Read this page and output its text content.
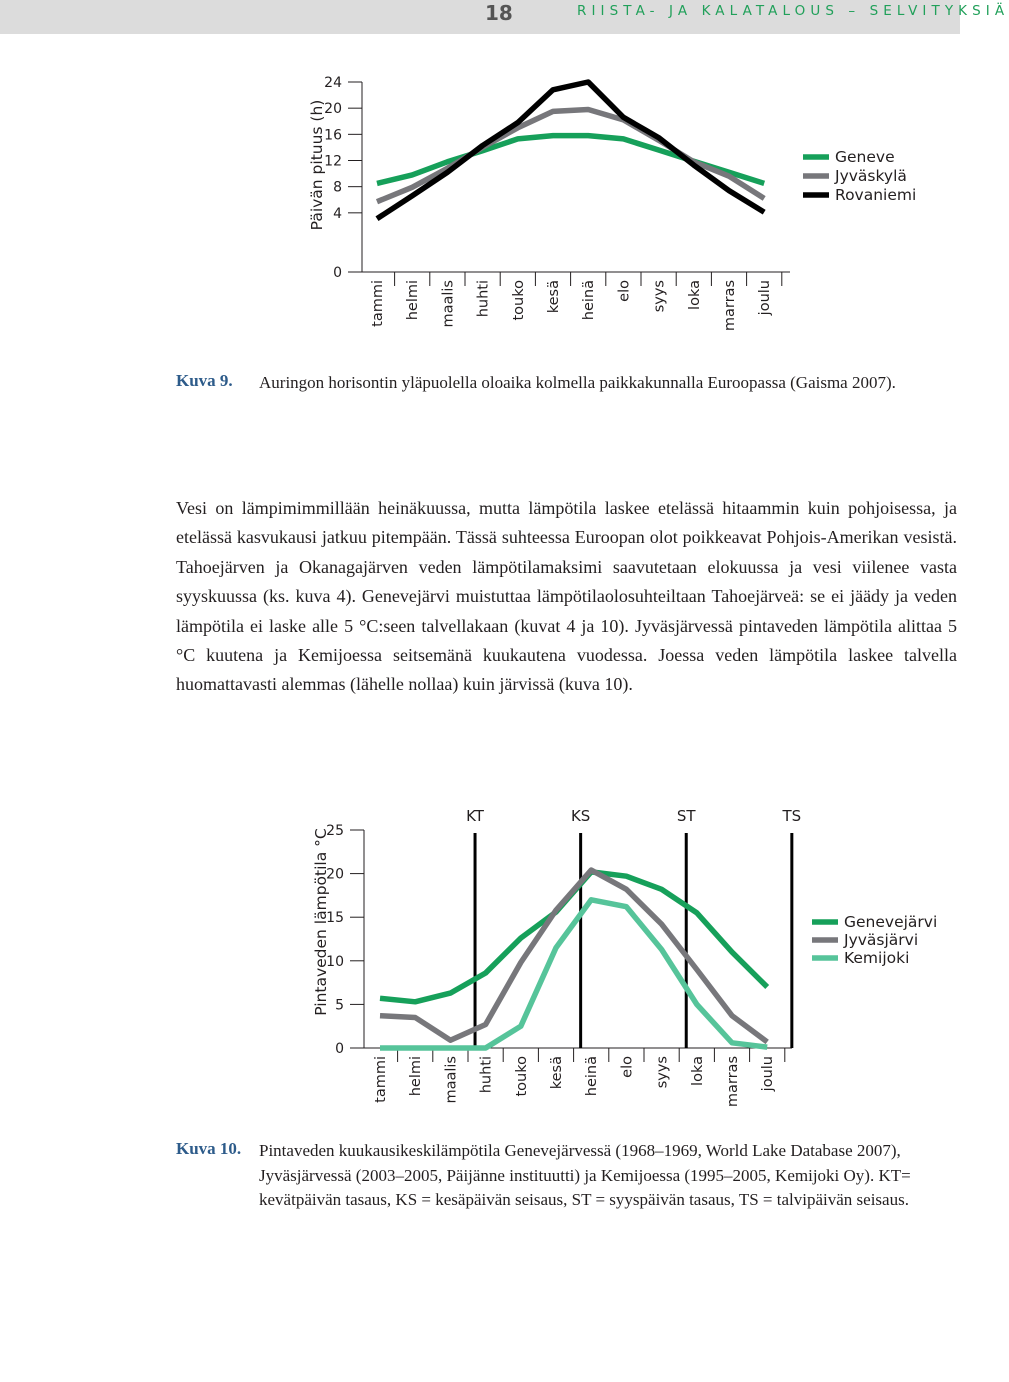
18	RIISTA- JA KALATALOUS – SELVITYKSIÄ
0
4
8
12
16
20
24
Päivän pituus (h)
tammi helmi maalis huhti touko kesä heinä elo syys loka marras joulu
Geneve
Jyväskylä
Rovaniemi
Kuva 9. Auringon horisontin yläpuolella oloaika kolmella paikkakunnalla Euroopassa (Gaisma 2007).
Vesi on lämpimimmillään heinäkuussa, mutta lämpötila laskee etelässä hitaammin kuin pohjoisessa, ja etelässä kasvukausi jatkuu pitempään. Tässä suhteessa Euroopan olot poikkeavat Pohjois-Amerikan vesistä. Tahoejärven ja Okanagajärven veden lämpötilamaksimi saavutetaan elokuussa ja vesi viilenee vasta syyskuussa (ks. kuva 4). Genevejärvi muistuttaa lämpötilaolosuhteiltaan Tahoejärveä: se ei jäädy ja veden lämpötila ei laske alle 5 °C:seen talvellakaan (kuvat 4 ja 10). Jyväsjärvessä pintaveden lämpötila alittaa 5 °C kuutena ja Kemijoessa seitsemänä kuukautena vuodessa. Joessa veden lämpötila laskee talvella huomattavasti alemmas (lähelle nollaa) kuin järvissä (kuva 10).
0
5
10
15
20
25
Pintaveden lämpötila °C
tammi helmi maalis huhti touko kesä heinä elo syys loka marras joulu
KT	KS	ST	TS
Genevejärvi
Jyväsjärvi
Kemijoki
Kuva 10. Pintaveden kuukausikeskilämpötila Genevejärvessä (1968–1969, World Lake Database 2007), Jyväsjärvessä (2003–2005, Päijänne instituutti) ja Kemijoessa (1995–2005, Kemijoki Oy). KT= kevätpäivän tasaus, KS = kesäpäivän seisaus, ST = syyspäivän tasaus, TS = talvipäivän seisaus.
